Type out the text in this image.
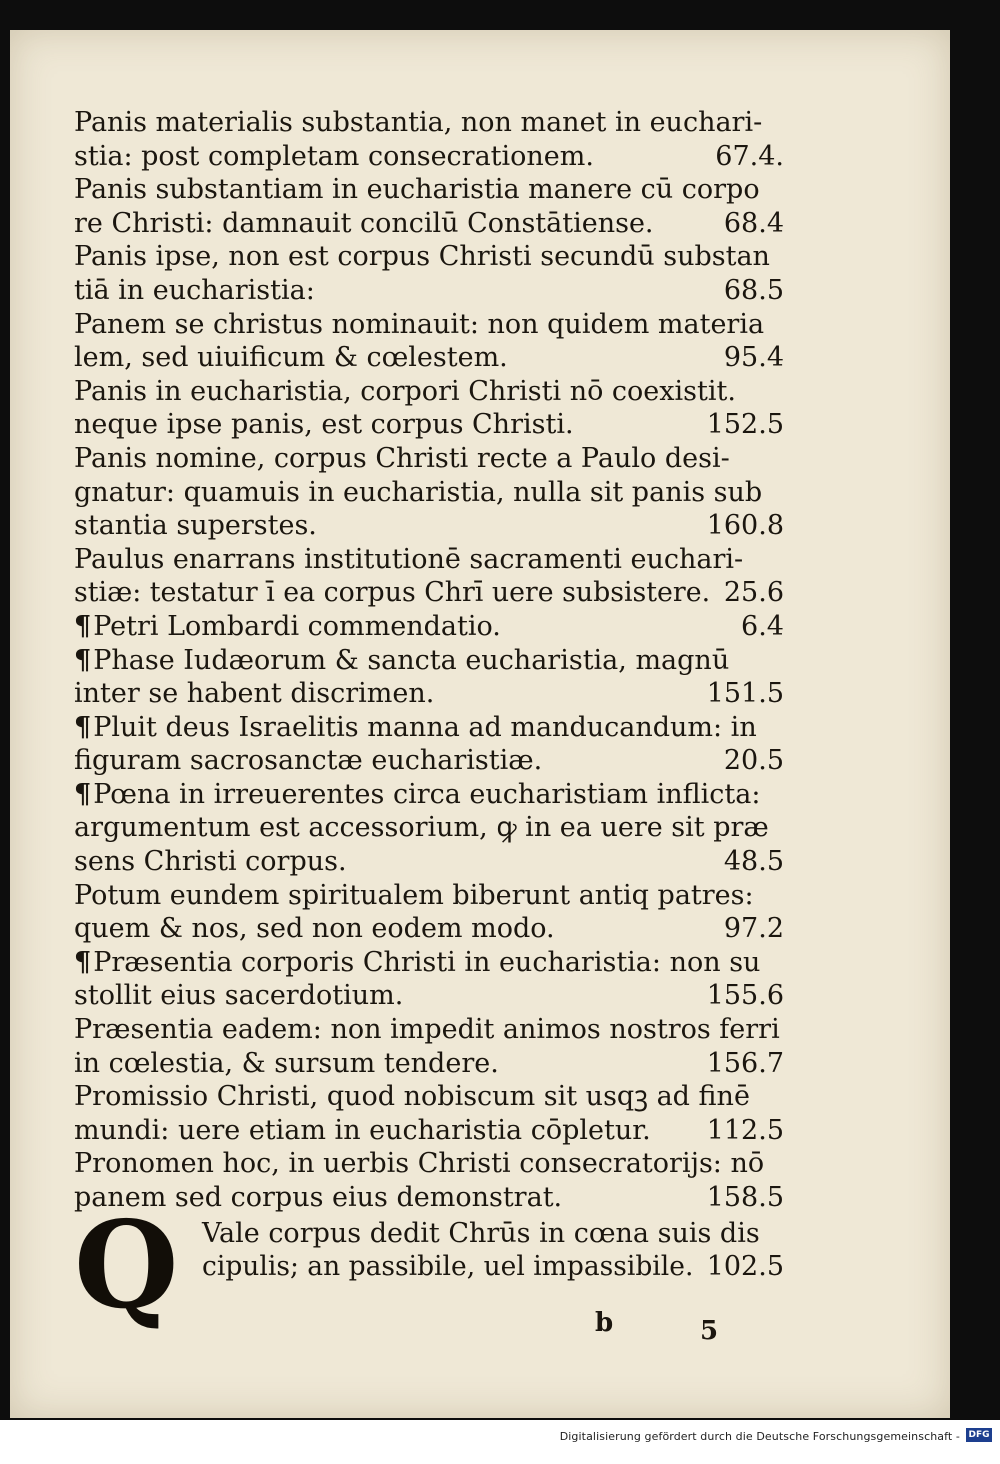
Panis materialis substantia, non manet in euchari-
stia: post completam consecrationem.	67.4.
Panis substantiam in eucharistia manere cū corpo
re Christi: damnauit concilū Constātiense.	68.4
Panis ipse, non est corpus Christi secundū substan
tiā in eucharistia:	68.5
Panem se christus nominauit: non quidem materia
lem, sed uiuificum & cœlestem.	95.4
Panis in eucharistia, corpori Christi nō coexistit.
neque ipse panis, est corpus Christi.	152.5
Panis nomine, corpus Christi recte a Paulo desi-
gnatur: quamuis in eucharistia, nulla sit panis sub
stantia superstes.	160.8
Paulus enarrans institutionē sacramenti euchari-
stiæ: testatur ī ea corpus Chrī uere subsistere. 25.6
¶Petri Lombardi commendatio.	6.4
¶Phase Iudæorum & sancta eucharistia, magnū
inter se habent discrimen.	151.5
¶Pluit deus Israelitis manna ad manducandum: in
figuram sacrosanctæ eucharistiæ.	20.5
¶Pœna in irreuerentes circa eucharistiam inflicta:
argumentum est accessorium, ꝙ in ea uere sit præ
sens Christi corpus.	48.5
Potum eundem spiritualem biberunt antiq patres:
quem & nos, sed non eodem modo.	97.2
¶Præsentia corporis Christi in eucharistia: non su
stollit eius sacerdotium.	155.6
Præsentia eadem: non impedit animos nostros ferri
in cœlestia, & sursum tendere.	156.7
Promissio Christi, quod nobiscum sit usqꝫ ad finē
mundi: uere etiam in eucharistia cōpletur. 112.5
Pronomen hoc, in uerbis Christi consecratorijs: nō
panem sed corpus eius demonstrat.	158.5
Q Vale corpus dedit Chrūs in cœna suis dis
cipulis; an passibile, uel impassibile. 102.5
b	5
Digitalisierung gefördert durch die Deutsche Forschungsgemeinschaft - DFG
